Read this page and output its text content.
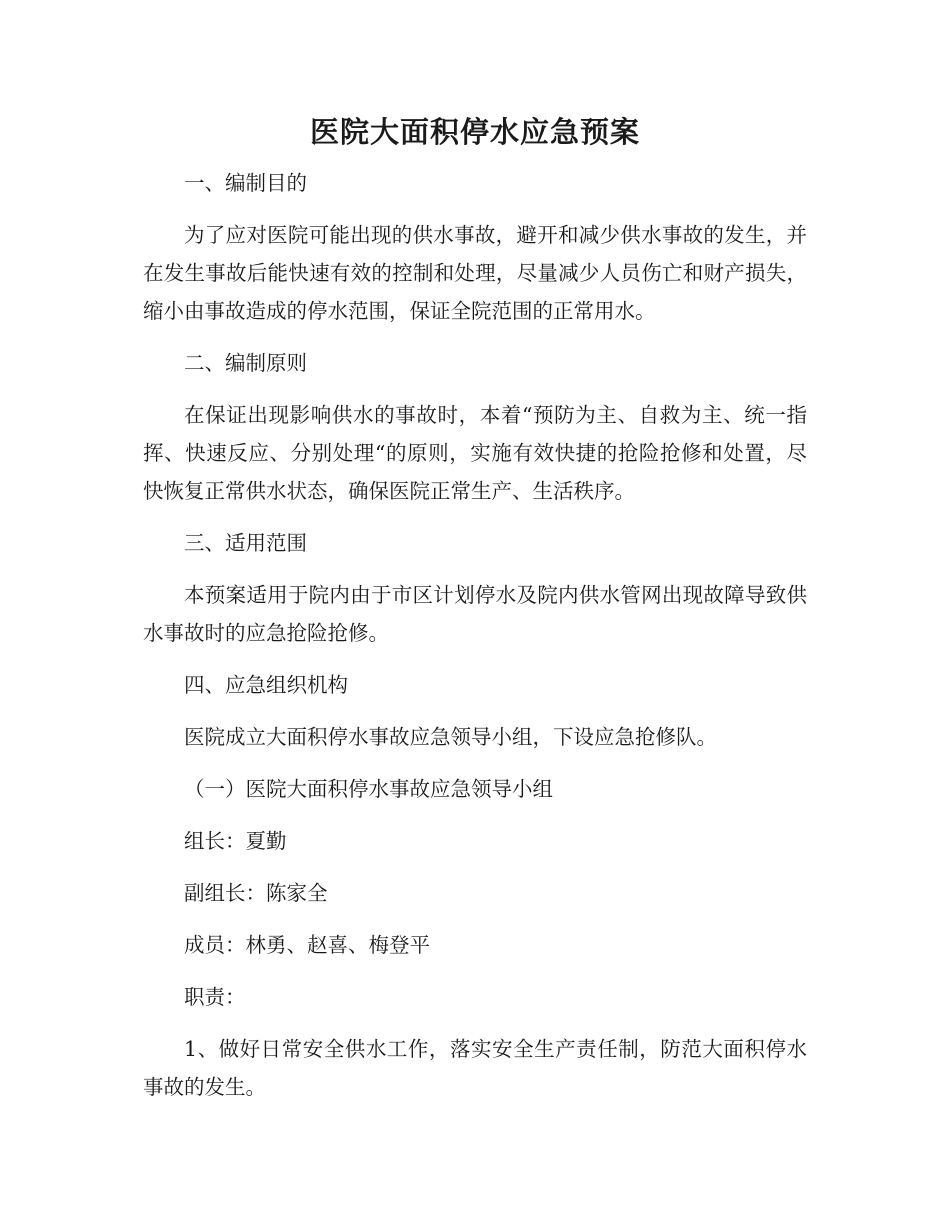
医院大面积停水应急预案

一、编制目的

为了应对医院可能出现的供水事故，避开和减少供水事故的发生，并在发生事故后能快速有效的控制和处理，尽量减少人员伤亡和财产损失，缩小由事故造成的停水范围，保证全院范围的正常用水。

二、编制原则

在保证出现影响供水的事故时，本着“预防为主、自救为主、统一指挥、快速反应、分别处理“的原则，实施有效快捷的抢险抢修和处置，尽快恢复正常供水状态，确保医院正常生产、生活秩序。

三、适用范围

本预案适用于院内由于市区计划停水及院内供水管网出现故障导致供水事故时的应急抢险抢修。

四、应急组织机构

医院成立大面积停水事故应急领导小组，下设应急抢修队。

（一）医院大面积停水事故应急领导小组

组长：夏勤

副组长：陈家全

成员：林勇、赵喜、梅登平

职责：

1、做好日常安全供水工作，落实安全生产责任制，防范大面积停水事故的发生。
